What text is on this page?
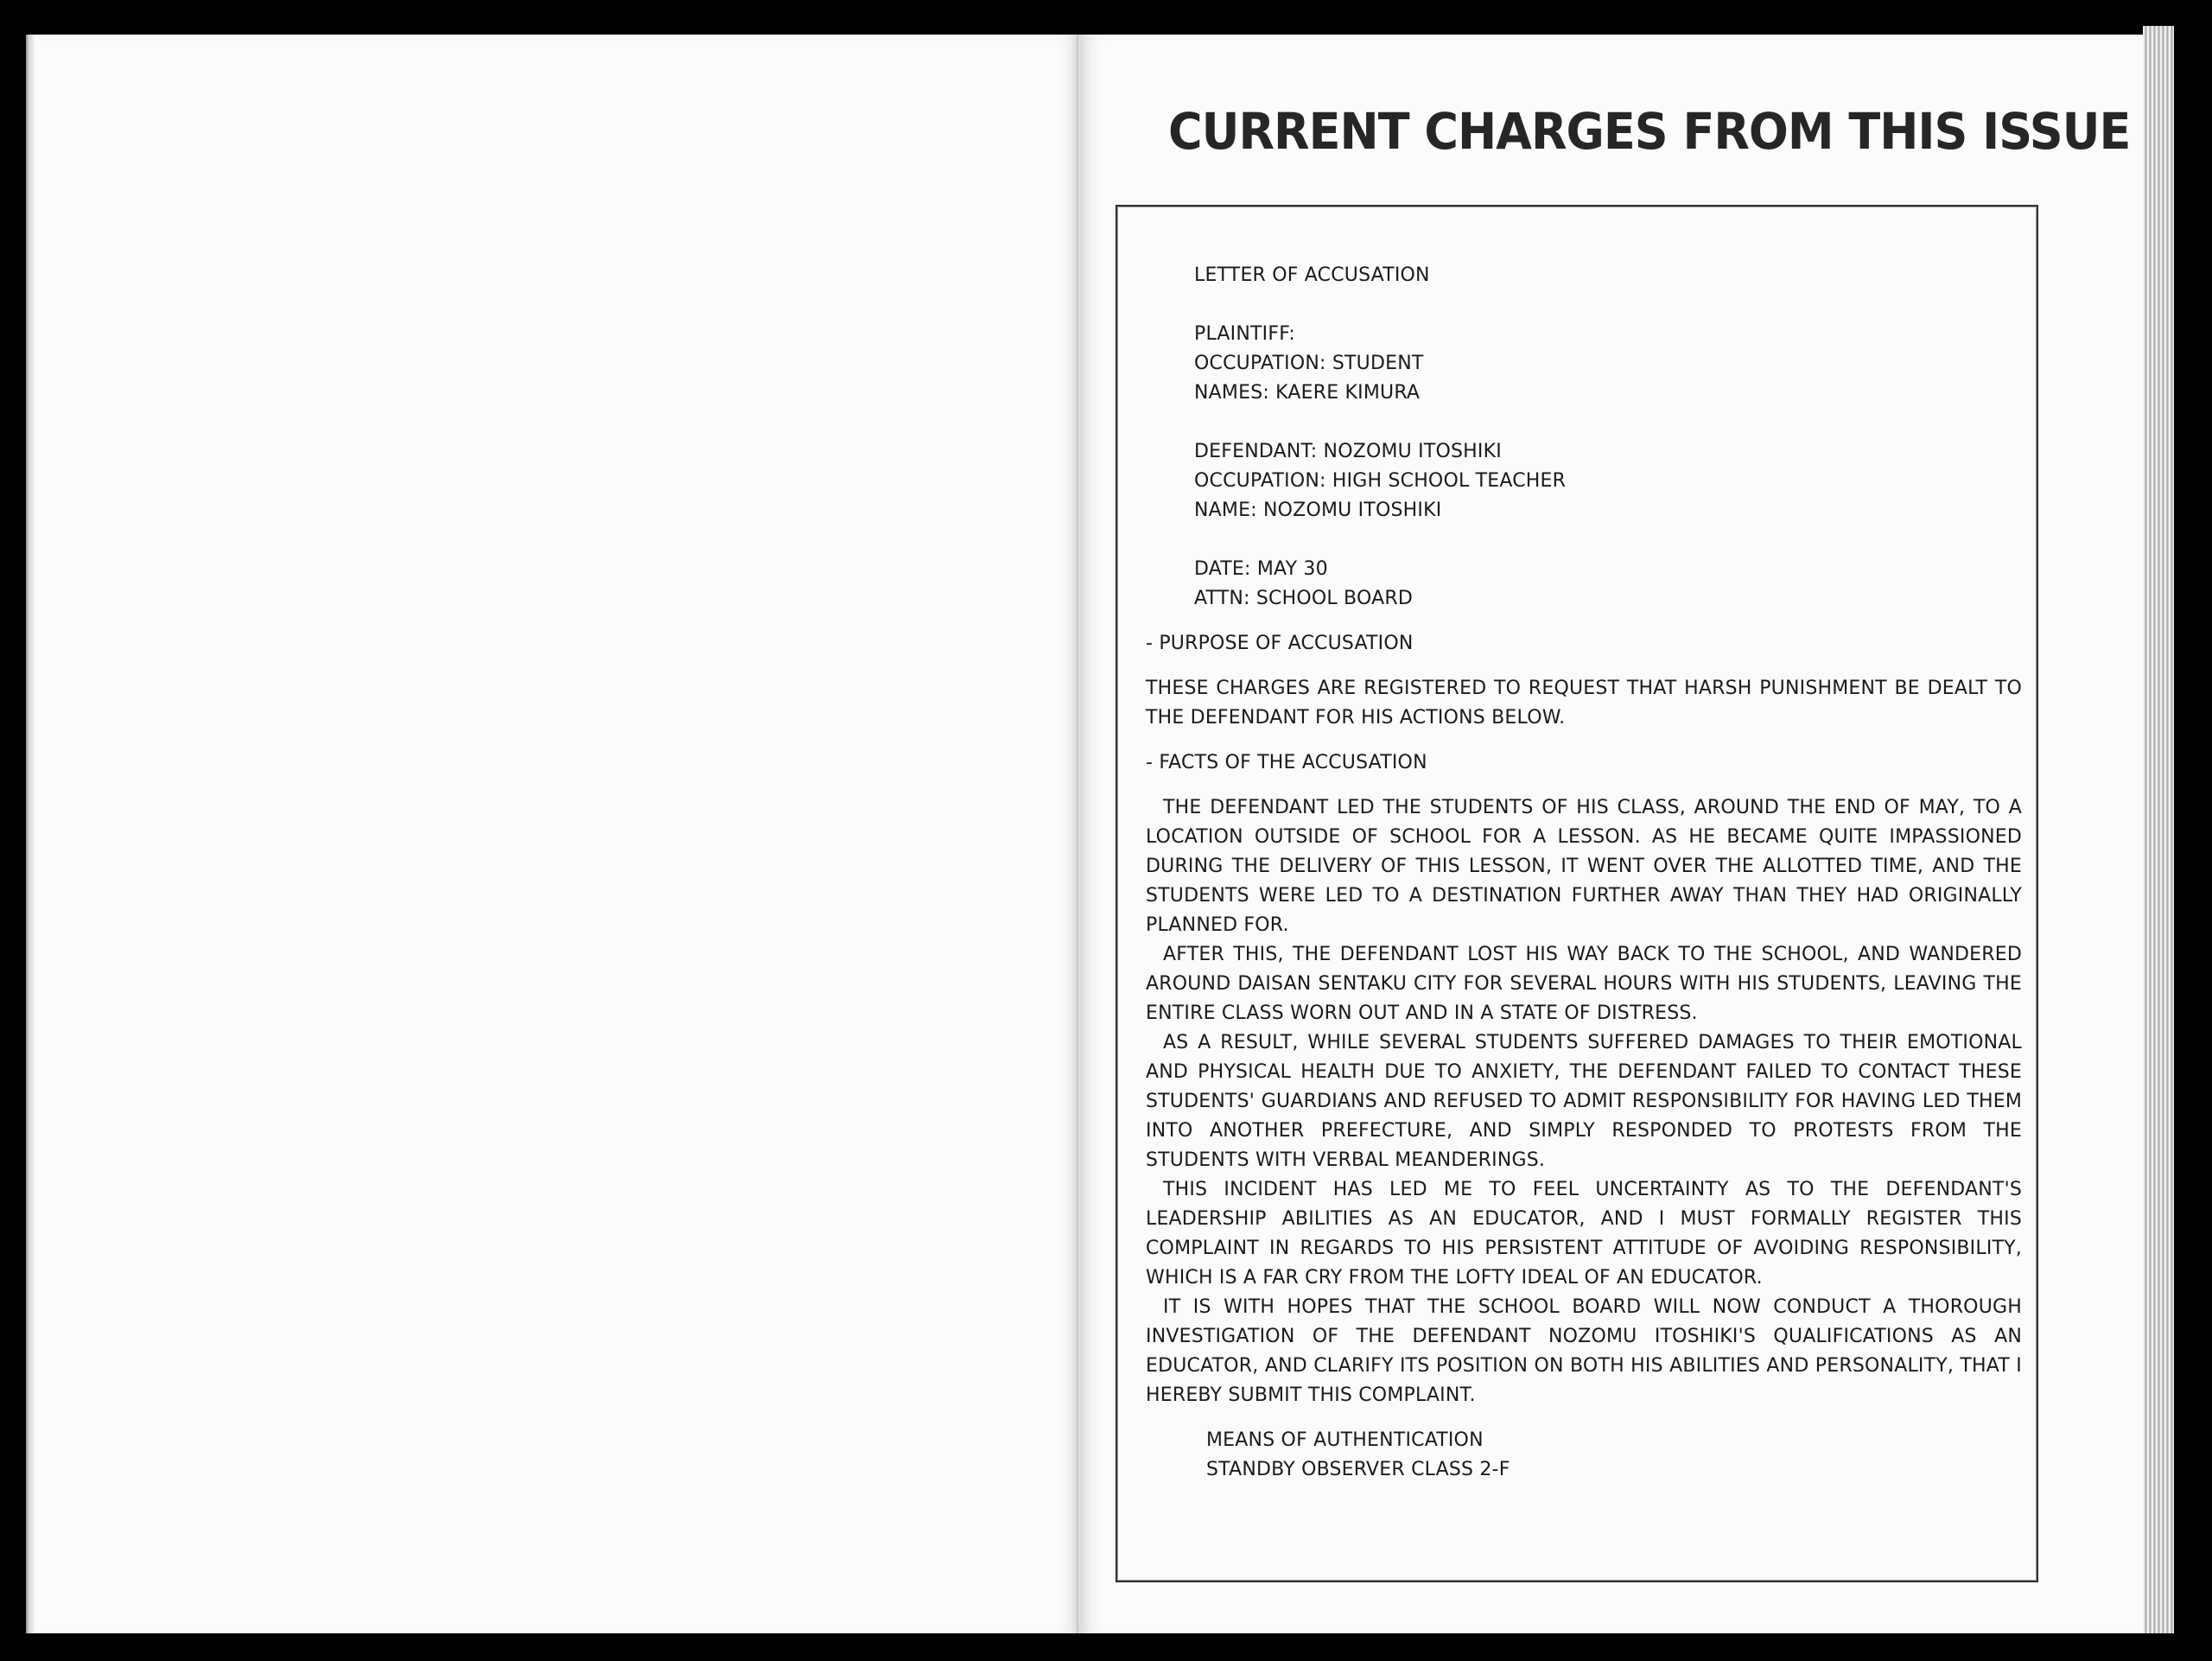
CURRENT CHARGES FROM THIS ISSUE

LETTER OF ACCUSATION

PLAINTIFF:

OCCUPATION: STUDENT

NAMES: KAERE KIMURA

DEFENDANT: NOZOMU ITOSHIKI

OCCUPATION: HIGH SCHOOL TEACHER

NAME: NOZOMU ITOSHIKI

DATE: MAY 30

ATTN: SCHOOL BOARD

- PURPOSE OF ACCUSATION

THESE CHARGES ARE REGISTERED TO REQUEST THAT HARSH PUNISHMENT BE DEALT TO THE DEFENDANT FOR HIS ACTIONS BELOW.

- FACTS OF THE ACCUSATION

THE DEFENDANT LED THE STUDENTS OF HIS CLASS, AROUND THE END OF MAY, TO A LOCATION OUTSIDE OF SCHOOL FOR A LESSON. AS HE BECAME QUITE IMPASSIONED DURING THE DELIVERY OF THIS LESSON, IT WENT OVER THE ALLOTTED TIME, AND THE STUDENTS WERE LED TO A DESTINATION FURTHER AWAY THAN THEY HAD ORIGINALLY PLANNED FOR.

AFTER THIS, THE DEFENDANT LOST HIS WAY BACK TO THE SCHOOL, AND WANDERED AROUND DAISAN SENTAKU CITY FOR SEVERAL HOURS WITH HIS STUDENTS, LEAVING THE ENTIRE CLASS WORN OUT AND IN A STATE OF DISTRESS.

AS A RESULT, WHILE SEVERAL STUDENTS SUFFERED DAMAGES TO THEIR EMOTIONAL AND PHYSICAL HEALTH DUE TO ANXIETY, THE DEFENDANT FAILED TO CONTACT THESE STUDENTS' GUARDIANS AND REFUSED TO ADMIT RESPONSIBILITY FOR HAVING LED THEM INTO ANOTHER PREFECTURE, AND SIMPLY RESPONDED TO PROTESTS FROM THE STUDENTS WITH VERBAL MEANDERINGS.

THIS INCIDENT HAS LED ME TO FEEL UNCERTAINTY AS TO THE DEFENDANT'S LEADERSHIP ABILITIES AS AN EDUCATOR, AND I MUST FORMALLY REGISTER THIS COMPLAINT IN REGARDS TO HIS PERSISTENT ATTITUDE OF AVOIDING RESPONSIBILITY, WHICH IS A FAR CRY FROM THE LOFTY IDEAL OF AN EDUCATOR.

IT IS WITH HOPES THAT THE SCHOOL BOARD WILL NOW CONDUCT A THOROUGH INVESTIGATION OF THE DEFENDANT NOZOMU ITOSHIKI'S QUALIFICATIONS AS AN EDUCATOR, AND CLARIFY ITS POSITION ON BOTH HIS ABILITIES AND PERSONALITY, THAT I HEREBY SUBMIT THIS COMPLAINT.

MEANS OF AUTHENTICATION

STANDBY OBSERVER CLASS 2-F
